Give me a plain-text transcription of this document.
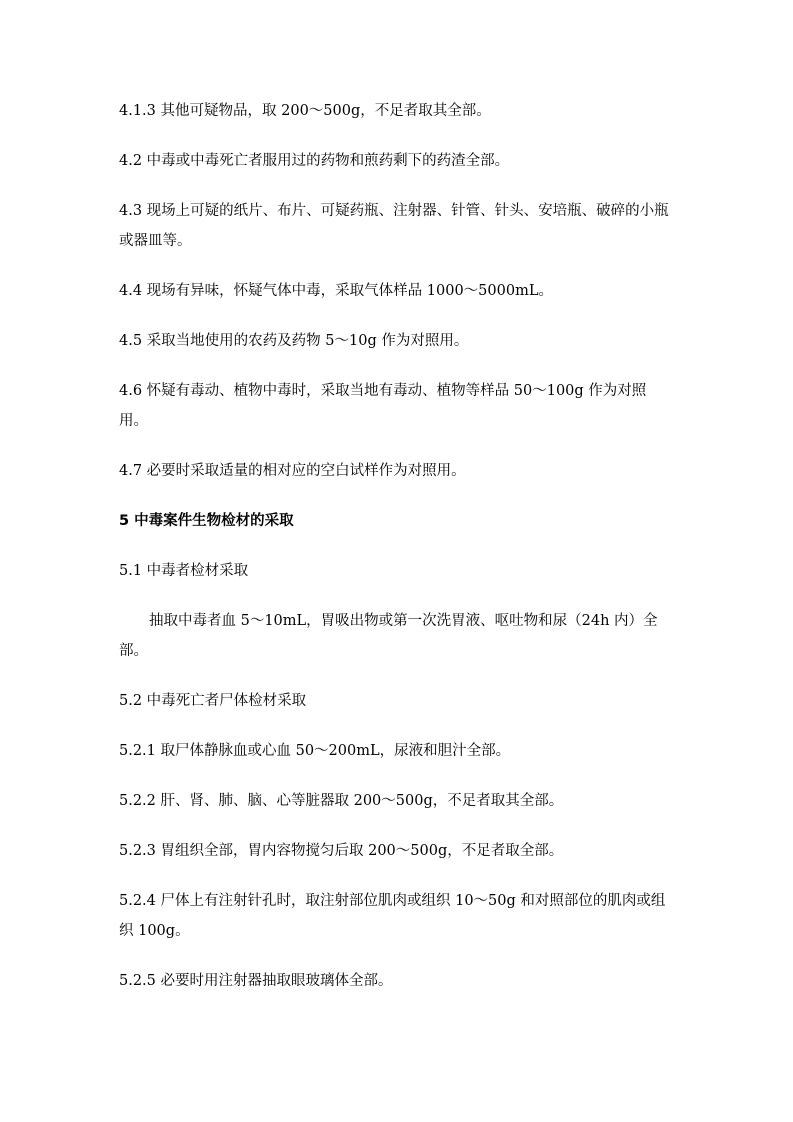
4.1.3 其他可疑物品，取 200～500g，不足者取其全部。

4.2 中毒或中毒死亡者服用过的药物和煎药剩下的药渣全部。

4.3 现场上可疑的纸片、布片、可疑药瓶、注射器、针管、针头、安培瓶、破碎的小瓶或器皿等。

4.4 现场有异味，怀疑气体中毒，采取气体样品 1000～5000mL。

4.5 采取当地使用的农药及药物 5～10g 作为对照用。

4.6 怀疑有毒动、植物中毒时，采取当地有毒动、植物等样品 50～100g 作为对照用。

4.7 必要时采取适量的相对应的空白试样作为对照用。

5 中毒案件生物检材的采取

5.1 中毒者检材采取

抽取中毒者血 5～10mL，胃吸出物或第一次洗胃液、呕吐物和尿（24h 内）全部。

5.2 中毒死亡者尸体检材采取

5.2.1 取尸体静脉血或心血 50～200mL，尿液和胆汁全部。

5.2.2 肝、肾、肺、脑、心等脏器取 200～500g，不足者取其全部。

5.2.3 胃组织全部，胃内容物搅匀后取 200～500g，不足者取全部。

5.2.4 尸体上有注射针孔时，取注射部位肌肉或组织 10～50g 和对照部位的肌肉或组织 100g。

5.2.5 必要时用注射器抽取眼玻璃体全部。
